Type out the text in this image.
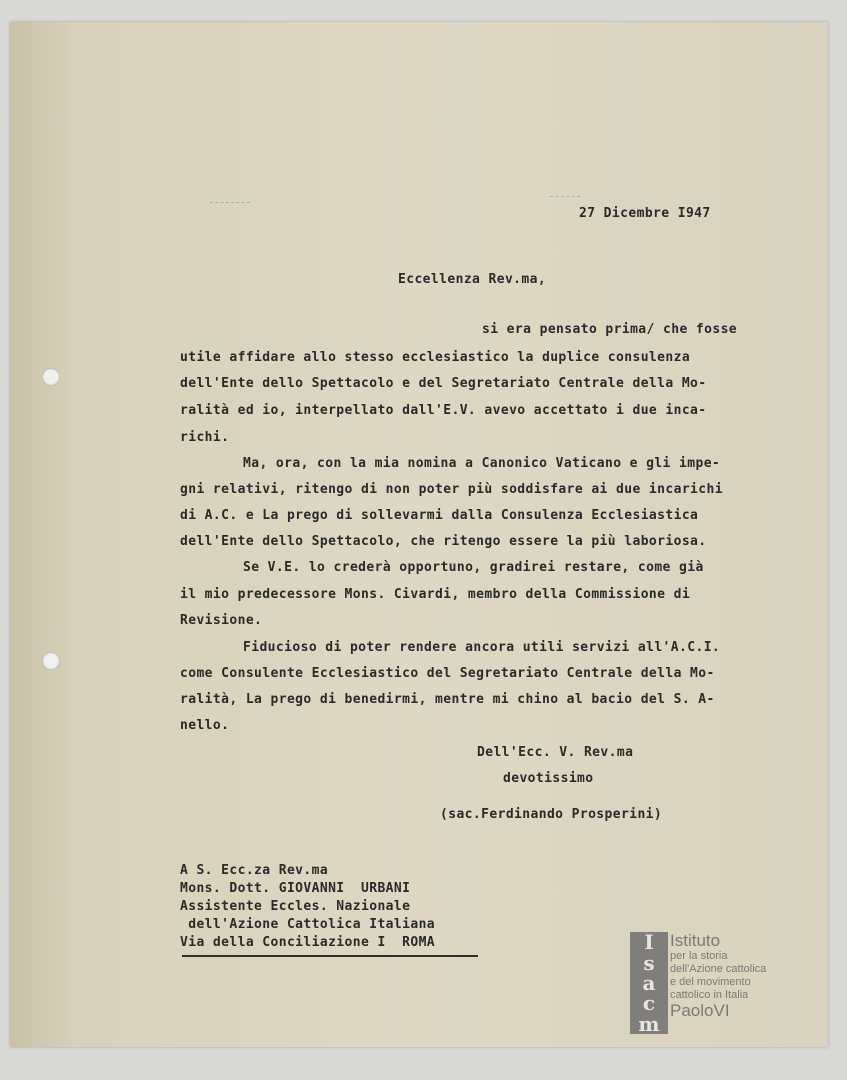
27 Dicembre I947
Eccellenza Rev.ma,
si era pensato prima/ che fosse
utile affidare allo stesso ecclesiastico la duplice consulenza
dell'Ente dello Spettacolo e del Segretariato Centrale della Mo-
ralità ed io, interpellato dall'E.V. avevo accettato i due inca-
richi.
Ma, ora, con la mia nomina a Canonico Vaticano e gli impe-
gni relativi, ritengo di non poter più soddisfare ai due incarichi
di A.C. e La prego di sollevarmi dalla Consulenza Ecclesiastica
dell'Ente dello Spettacolo, che ritengo essere la più laboriosa.
Se V.E. lo crederà opportuno, gradirei restare, come già
il mio predecessore Mons. Civardi, membro della Commissione di
Revisione.
Fiducioso di poter rendere ancora utili servizi all'A.C.I.
come Consulente Ecclesiastico del Segretariato Centrale della Mo-
ralità, La prego di benedirmi, mentre mi chino al bacio del S. A-
nello.
Dell'Ecc. V. Rev.ma
devotissimo
(sac.Ferdinando Prosperini)
A S. Ecc.za Rev.ma
Mons. Dott. GIOVANNI  URBANI
Assistente Eccles. Nazionale
dell'Azione Cattolica Italiana
Via della Conciliazione I  ROMA	I
s
a
c
m
Istituto
per la storia
dell'Azione cattolica
e del movimento
cattolico in Italia
PaoloVI
